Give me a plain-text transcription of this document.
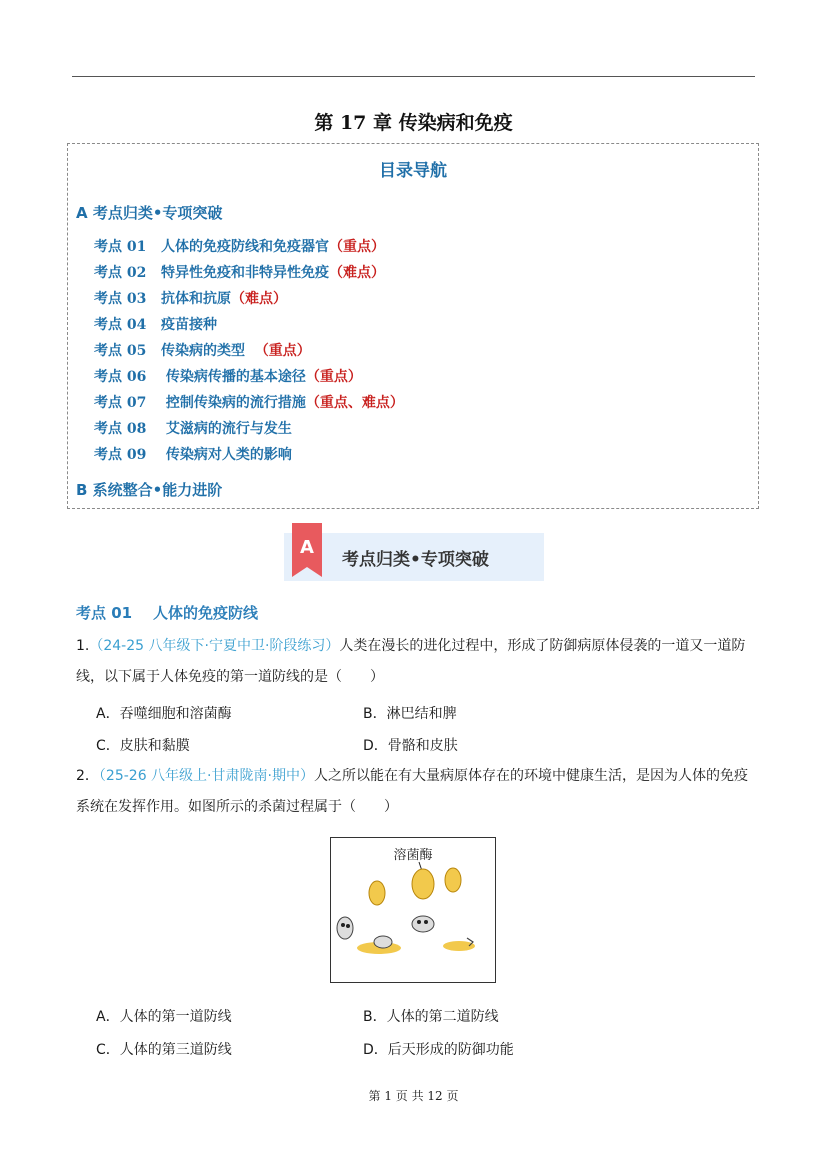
第 17 章 传染病和免疫
目录导航
A 考点归类•专项突破
考点 01   人体的免疫防线和免疫器官（重点）
考点 02   特异性免疫和非特异性免疫（难点）
考点 03   抗体和抗原（难点）
考点 04   疫苗接种
考点 05   传染病的类型  （重点）
考点 06    传染病传播的基本途径（重点）
考点 07    控制传染病的流行措施（重点、难点）
考点 08    艾滋病的流行与发生
考点 09    传染病对人类的影响
B 系统整合•能力进阶
A
考点归类•专项突破
考点 01    人体的免疫防线
1.（24-25 八年级下·宁夏中卫·阶段练习）人类在漫长的进化过程中，形成了防御病原体侵袭的一道又一道防线，以下属于人体免疫的第一道防线的是（　　）
A．吞噬细胞和溶菌酶	B．淋巴结和脾
C．皮肤和黏膜	D．骨骼和皮肤
2．（25-26 八年级上·甘肃陇南·期中）人之所以能在有大量病原体存在的环境中健康生活，是因为人体的免疫系统在发挥作用。如图所示的杀菌过程属于（　　）
溶菌酶
A．人体的第一道防线	B．人体的第二道防线
C．人体的第三道防线	D．后天形成的防御功能
第 1 页 共 12 页
